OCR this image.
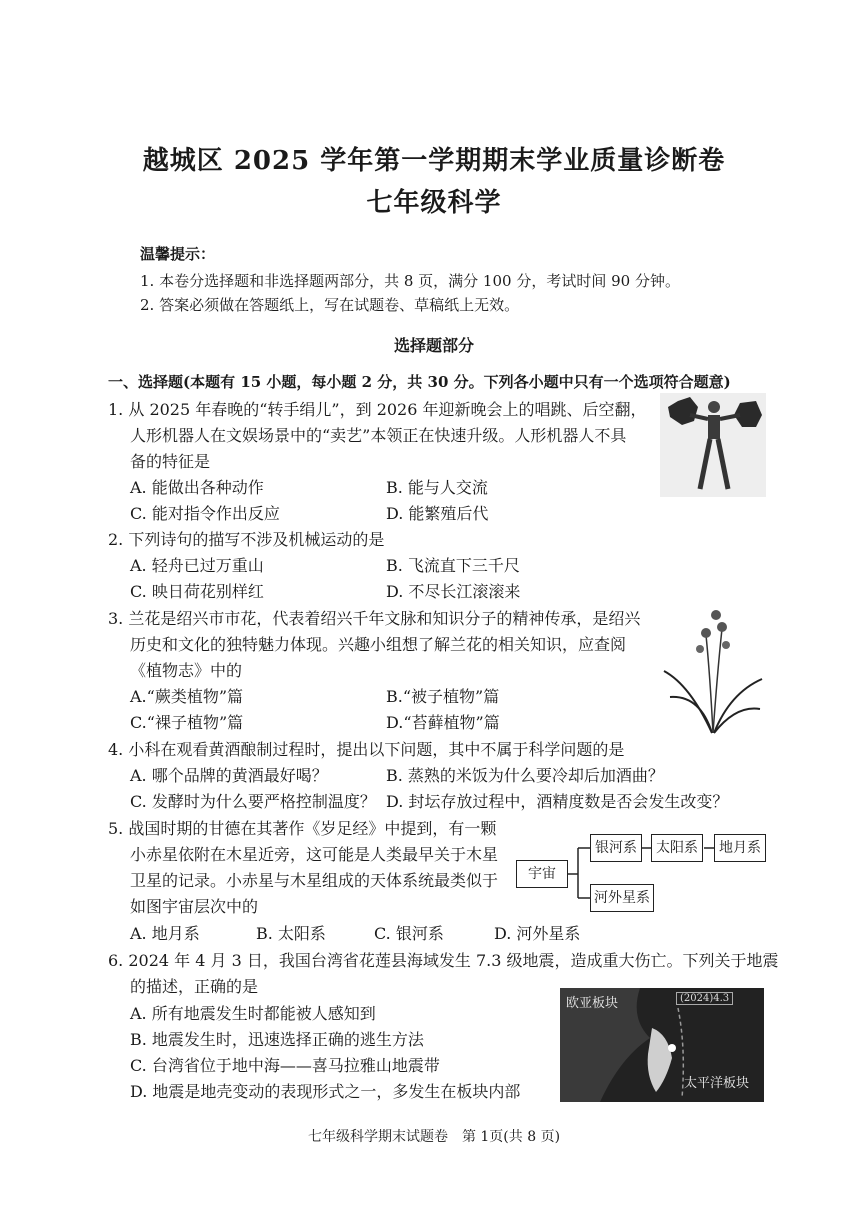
越城区 2025 学年第一学期期末学业质量诊断卷
七年级科学
温馨提示：
1. 本卷分选择题和非选择题两部分，共 8 页，满分 100 分，考试时间 90 分钟。
2. 答案必须做在答题纸上，写在试题卷、草稿纸上无效。
选择题部分
一、选择题(本题有 15 小题，每小题 2 分，共 30 分。下列各小题中只有一个选项符合题意)
1. 从 2025 年春晚的“转手绢儿”，到 2026 年迎新晚会上的唱跳、后空翻，
人形机器人在文娱场景中的“卖艺”本领正在快速升级。人形机器人不具
备的特征是
A. 能做出各种动作	B. 能与人交流
C. 能对指令作出反应	D. 能繁殖后代
2. 下列诗句的描写不涉及机械运动的是
A. 轻舟已过万重山	B. 飞流直下三千尺
C. 映日荷花别样红	D. 不尽长江滚滚来
3. 兰花是绍兴市市花，代表着绍兴千年文脉和知识分子的精神传承，是绍兴
历史和文化的独特魅力体现。兴趣小组想了解兰花的相关知识，应查阅
《植物志》中的
A.“蕨类植物”篇	B.“被子植物”篇
C.“裸子植物”篇	D.“苔藓植物”篇
4. 小科在观看黄酒酿制过程时，提出以下问题，其中不属于科学问题的是
A. 哪个品牌的黄酒最好喝？	B. 蒸熟的米饭为什么要冷却后加酒曲？
C. 发酵时为什么要严格控制温度？ D. 封坛存放过程中，酒精度数是否会发生改变？
5. 战国时期的甘德在其著作《岁足经》中提到，有一颗
小赤星依附在木星近旁，这可能是人类最早关于木星
卫星的记录。小赤星与木星组成的天体系统最类似于
如图宇宙层次中的
A. 地月系	B. 太阳系	C. 银河系	D. 河外星系
宇宙
银河系	太阳系	地月系
河外星系
6. 2024 年 4 月 3 日，我国台湾省花莲县海域发生 7.3 级地震，造成重大伤亡。下列关于地震
的描述，正确的是
A. 所有地震发生时都能被人感知到
B. 地震发生时，迅速选择正确的逃生方法
C. 台湾省位于地中海——喜马拉雅山地震带
D. 地震是地壳变动的表现形式之一，多发生在板块内部
欧亚板块	(2024)4.3
太平洋板块
七年级科学期末试题卷　第 1页(共 8 页)
